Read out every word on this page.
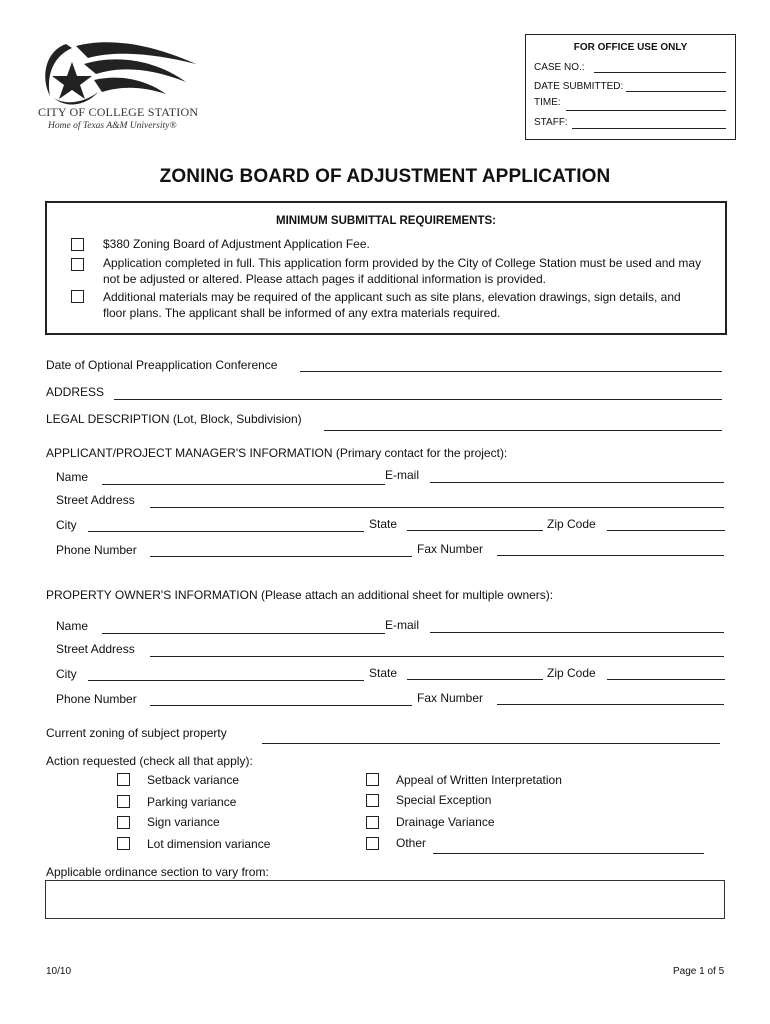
CITY OF COLLEGE STATION
Home of Texas A&M University®
FOR OFFICE USE ONLY
CASE NO.:
DATE SUBMITTED:
TIME:
STAFF:
ZONING BOARD OF ADJUSTMENT APPLICATION
MINIMUM SUBMITTAL REQUIREMENTS:
$380 Zoning Board of Adjustment Application Fee.
Application completed in full. This application form provided by the City of College Station must be used and may not be adjusted or altered. Please attach pages if additional information is provided.
Additional materials may be required of the applicant such as site plans, elevation drawings, sign details, and floor plans. The applicant shall be informed of any extra materials required.
Date of Optional Preapplication Conference
ADDRESS
LEGAL DESCRIPTION (Lot, Block, Subdivision)
APPLICANT/PROJECT MANAGER'S INFORMATION (Primary contact for the project):
Name	E-mail
Street Address
City	State	Zip Code
Phone Number	Fax Number
PROPERTY OWNER'S INFORMATION (Please attach an additional sheet for multiple owners):
Name	E-mail
Street Address
City	State	Zip Code
Phone Number	Fax Number
Current zoning of subject property
Action requested (check all that apply):
Setback variance
Parking variance
Sign variance
Lot dimension variance
Appeal of Written Interpretation
Special Exception
Drainage Variance
Other
Applicable ordinance section to vary from:
10/10	Page 1 of 5
